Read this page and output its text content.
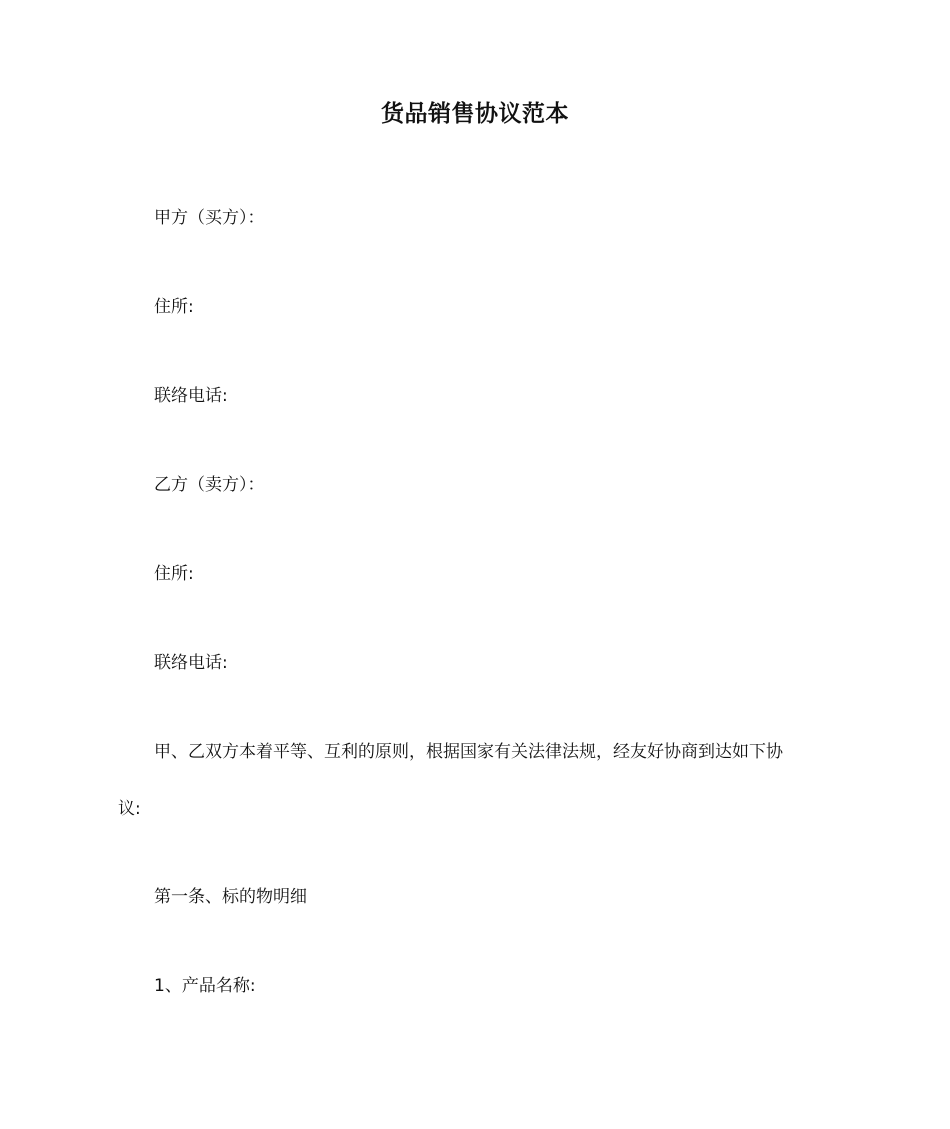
货品销售协议范本
甲方（买方）：
住所:
联络电话:
乙方（卖方）：
住所:
联络电话:
甲、乙双方本着平等、互利的原则，根据国家有关法律法规，经友好协商到达如下协
议:
第一条、标的物明细
1、产品名称:
